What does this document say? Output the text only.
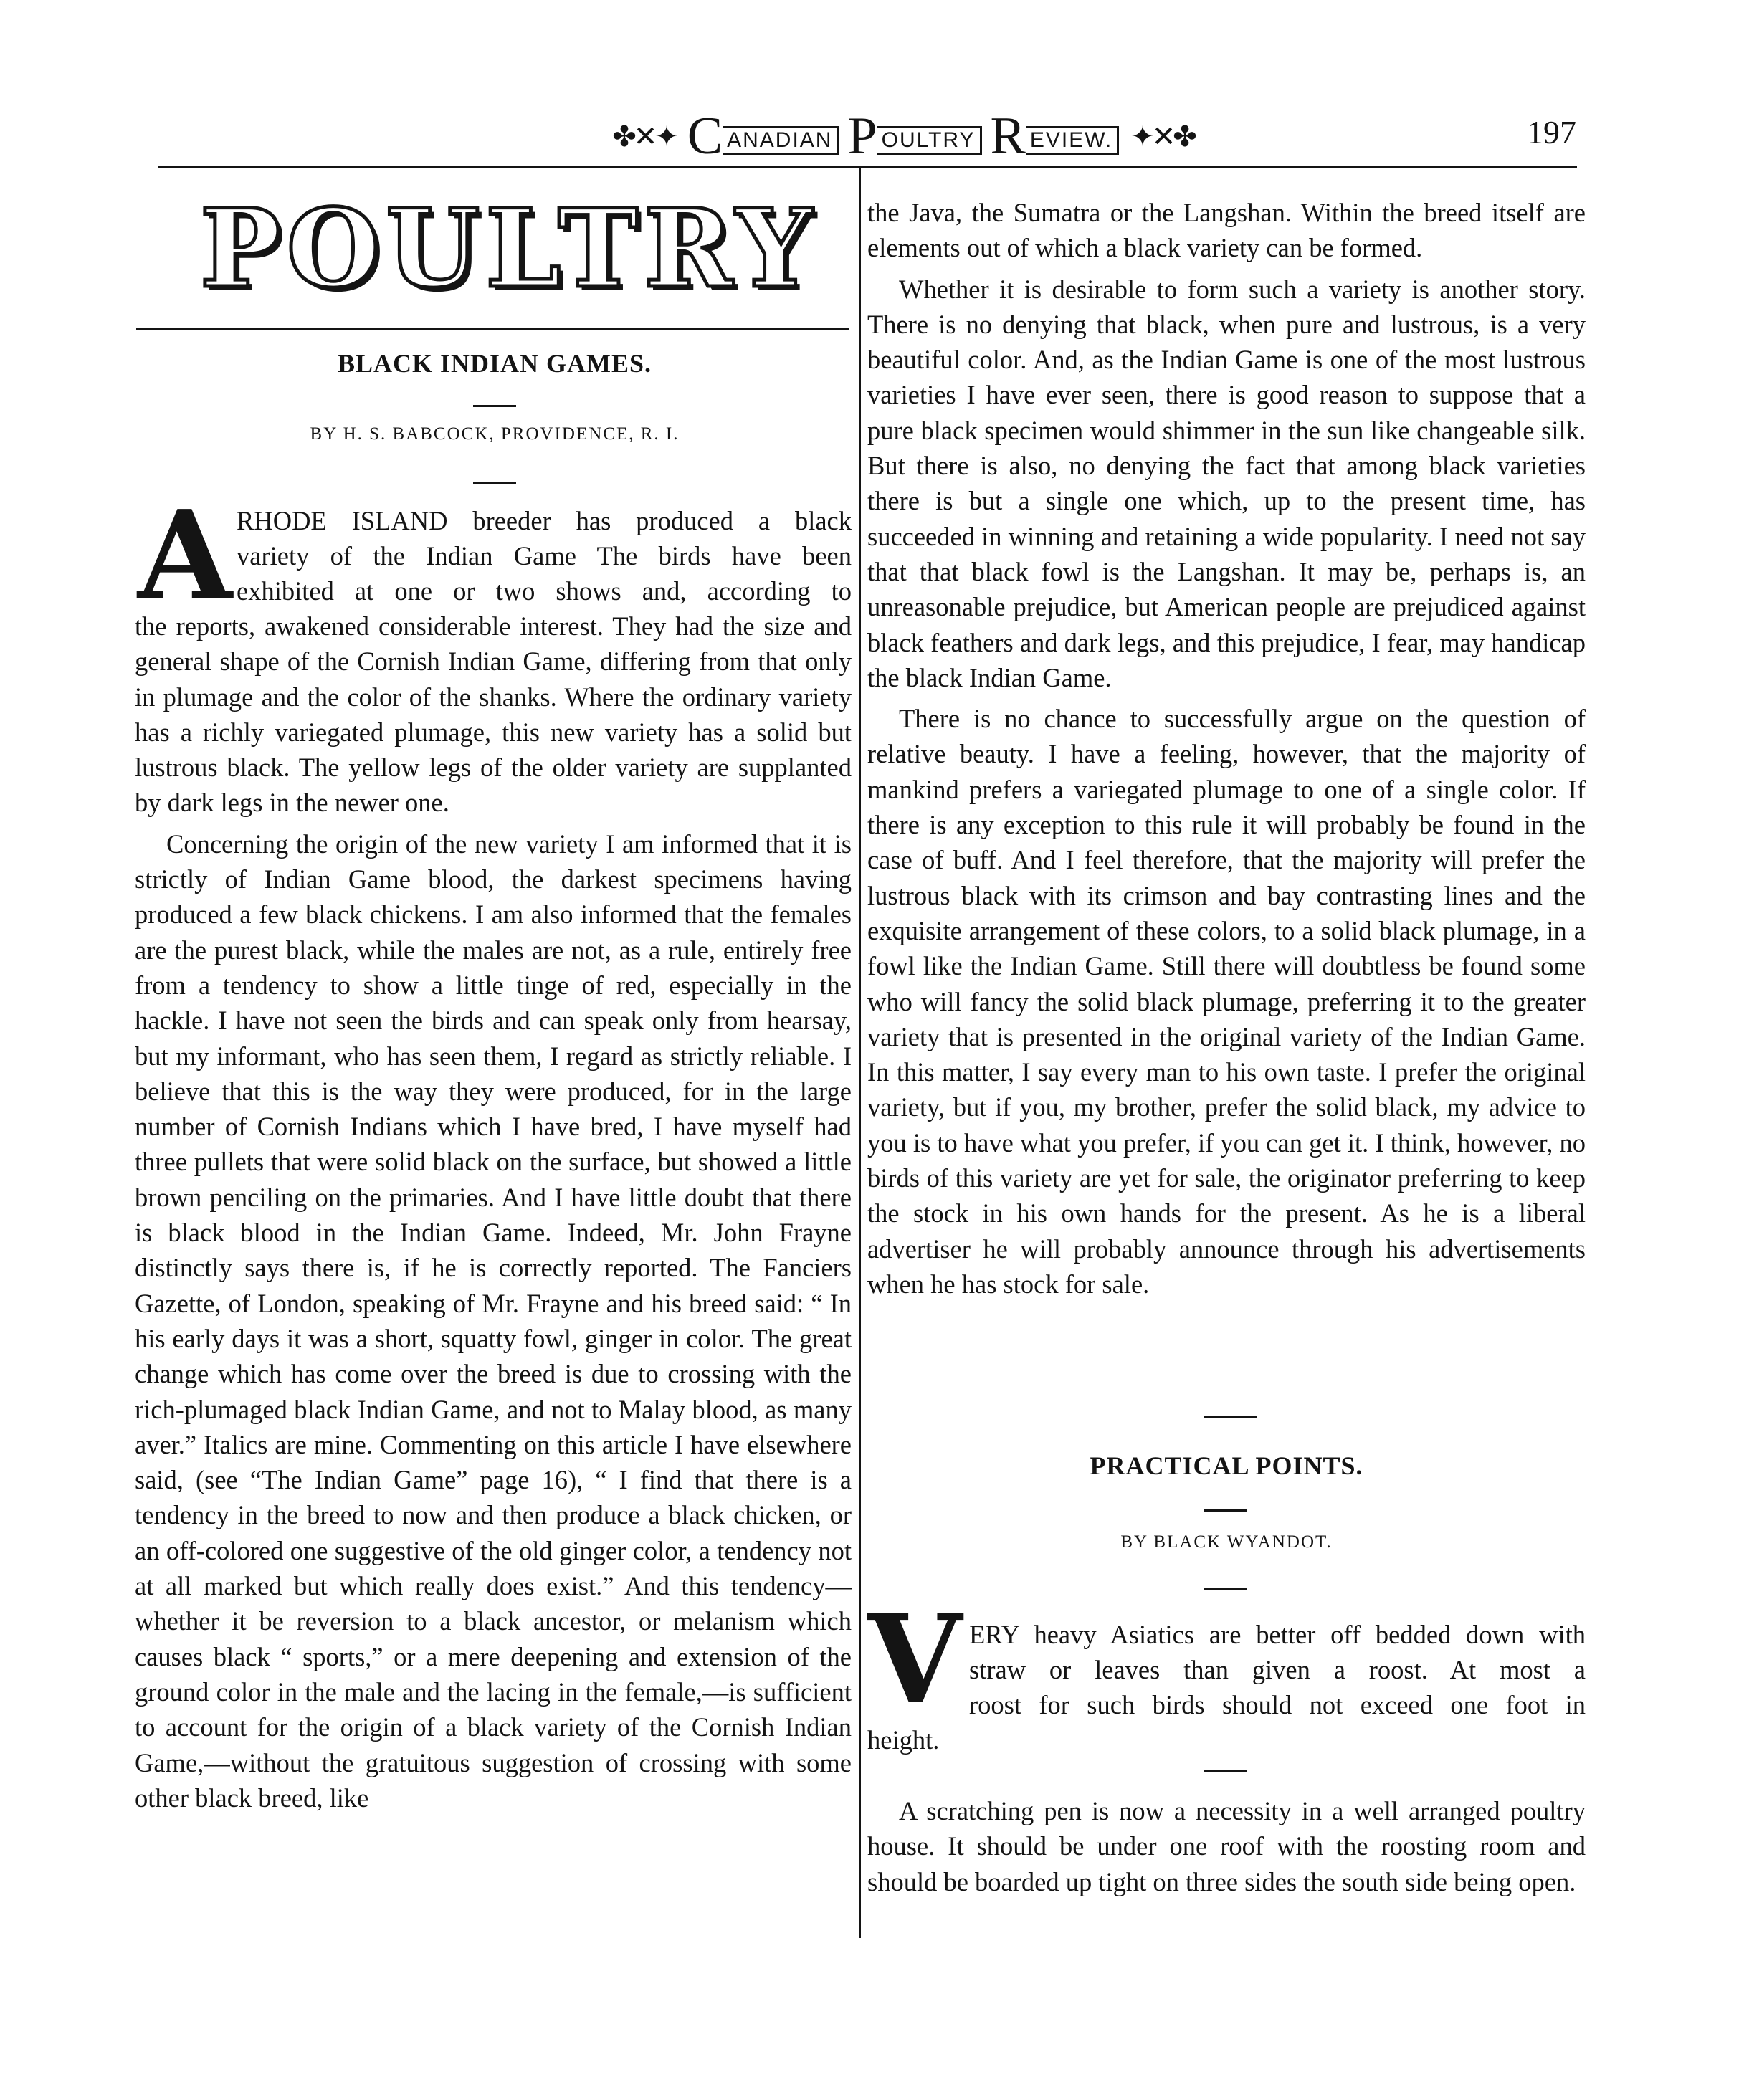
✤✕✦ C ANADIAN P OULTRY R EVIEW. ✦✕✤	197
POULTRY
BLACK INDIAN GAMES.
BY H. S. BABCOCK, PROVIDENCE, R. I.
A RHODE ISLAND breeder has produced a black
variety of the Indian Game The birds have been
exhibited at one or two shows and, according to

the reports, awakened considerable interest. They had the size and general shape of the Cornish Indian Game, differing from that only in plumage and the color of the shanks. Where the ordinary variety has a richly variegated plumage, this new variety has a solid but lustrous black. The yellow legs of the older variety are supplanted by dark legs in the newer one.

Concerning the origin of the new variety I am informed that it is strictly of Indian Game blood, the darkest specimens having produced a few black chickens. I am also informed that the females are the purest black, while the males are not, as a rule, entirely free from a tendency to show a little tinge of red, especially in the hackle. I have not seen the birds and can speak only from hearsay, but my informant, who has seen them, I regard as strictly reliable. I believe that this is the way they were produced, for in the large number of Cornish Indians which I have bred, I have myself had three pullets that were solid black on the surface, but showed a little brown penciling on the primaries. And I have little doubt that there is black blood in the Indian Game. Indeed, Mr. John Frayne distinctly says there is, if he is correctly reported. The Fanciers Gazette, of London, speaking of Mr. Frayne and his breed said: “ In his early days it was a short, squatty fowl, ginger in color. The great change which has come over the breed is due to crossing with the rich-plumaged black Indian Game, and not to Malay blood, as many aver.” Italics are mine. Commenting on this article I have elsewhere said, (see “The Indian Game” page 16), “ I find that there is a tendency in the breed to now and then produce a black chicken, or an off-colored one suggestive of the old ginger color, a tendency not at all marked but which really does exist.” And this tendency—whether it be reversion to a black ancestor, or melanism which causes black “ sports,” or a mere deepening and extension of the ground color in the male and the lacing in the female,—is sufficient to account for the origin of a black variety of the Cornish Indian Game,—without the gratuitous suggestion of crossing with some other black breed, like

the Java, the Sumatra or the Langshan. Within the breed itself are elements out of which a black variety can be formed.

Whether it is desirable to form such a variety is another story. There is no denying that black, when pure and lustrous, is a very beautiful color. And, as the Indian Game is one of the most lustrous varieties I have ever seen, there is good reason to suppose that a pure black specimen would shimmer in the sun like changeable silk. But there is also, no denying the fact that among black varieties there is but a single one which, up to the present time, has succeeded in winning and retaining a wide popularity. I need not say that that black fowl is the Langshan. It may be, perhaps is, an unreasonable prejudice, but American people are prejudiced against black feathers and dark legs, and this prejudice, I fear, may handicap the black Indian Game.

There is no chance to successfully argue on the question of relative beauty. I have a feeling, however, that the majority of mankind prefers a variegated plumage to one of a single color. If there is any exception to this rule it will probably be found in the case of buff. And I feel therefore, that the majority will prefer the lustrous black with its crimson and bay contrasting lines and the exquisite arrangement of these colors, to a solid black plumage, in a fowl like the Indian Game. Still there will doubtless be found some who will fancy the solid black plumage, preferring it to the greater variety that is presented in the original variety of the Indian Game. In this matter, I say every man to his own taste. I prefer the original variety, but if you, my brother, prefer the solid black, my advice to you is to have what you prefer, if you can get it. I think, however, no birds of this variety are yet for sale, the originator preferring to keep the stock in his own hands for the present. As he is a liberal advertiser he will probably announce through his advertisements when he has stock for sale.

PRACTICAL POINTS.
BY BLACK WYANDOT.
V ERY heavy Asiatics are better off bedded down with
straw or leaves than given a roost. At most a
roost for such birds should not exceed one foot in

height.

A scratching pen is now a necessity in a well arranged poultry house. It should be under one roof with the roosting room and should be boarded up tight on three sides the south side being open.
